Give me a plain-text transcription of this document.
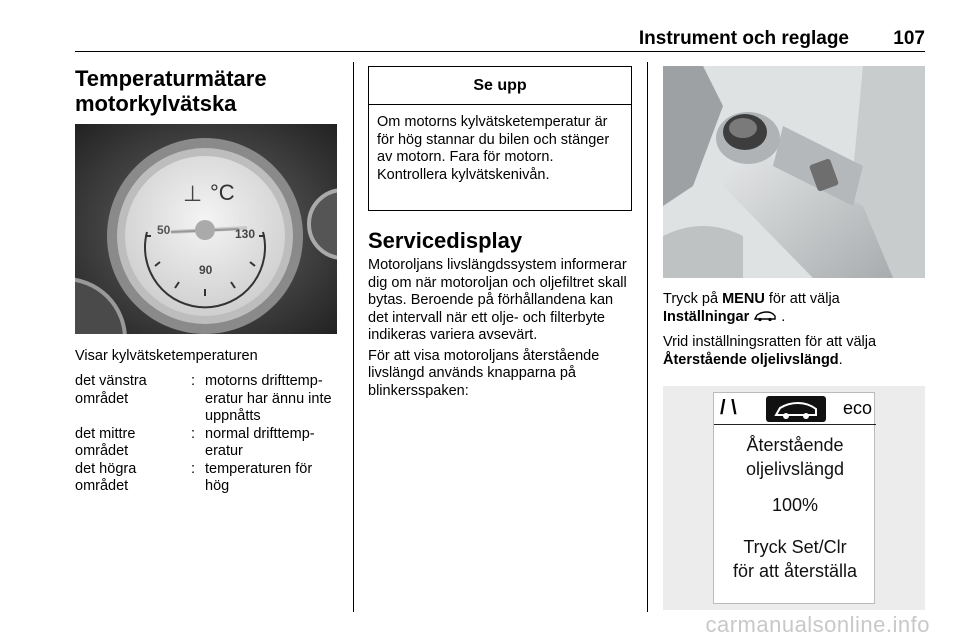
Instrument och reglage 107
Temperaturmätare motorkylvätska
⊥ °C
50	130
90
Visar kylvätsketemperaturen
det vänstra området
: motorns drifttemperatur har ännu inte uppnåtts
det mittre området
: normal drifttemperatur
det högra området
: temperaturen för hög
Se upp
Om motorns kylvätsketemperatur är för hög stannar du bilen och stänger av motorn. Fara för motorn. Kontrollera kylvätskenivån.
Servicedisplay

Motoroljans livslängdssystem informerar dig om när motoroljan och oljefiltret skall bytas. Beroende på förhållandena kan det intervall när ett olje- och filterbyte indikeras variera avsevärt.

För att visa motoroljans återstående livslängd används knapparna på blinkersspaken:

Tryck på MENU för att välja
Inställningar .

Vrid inställningsratten för att välja
Återstående oljelivslängd.

/ \	eco
Återstående
oljelivslängd
100%
Tryck Set/Clr
för att återställa
carmanualsonline.info
